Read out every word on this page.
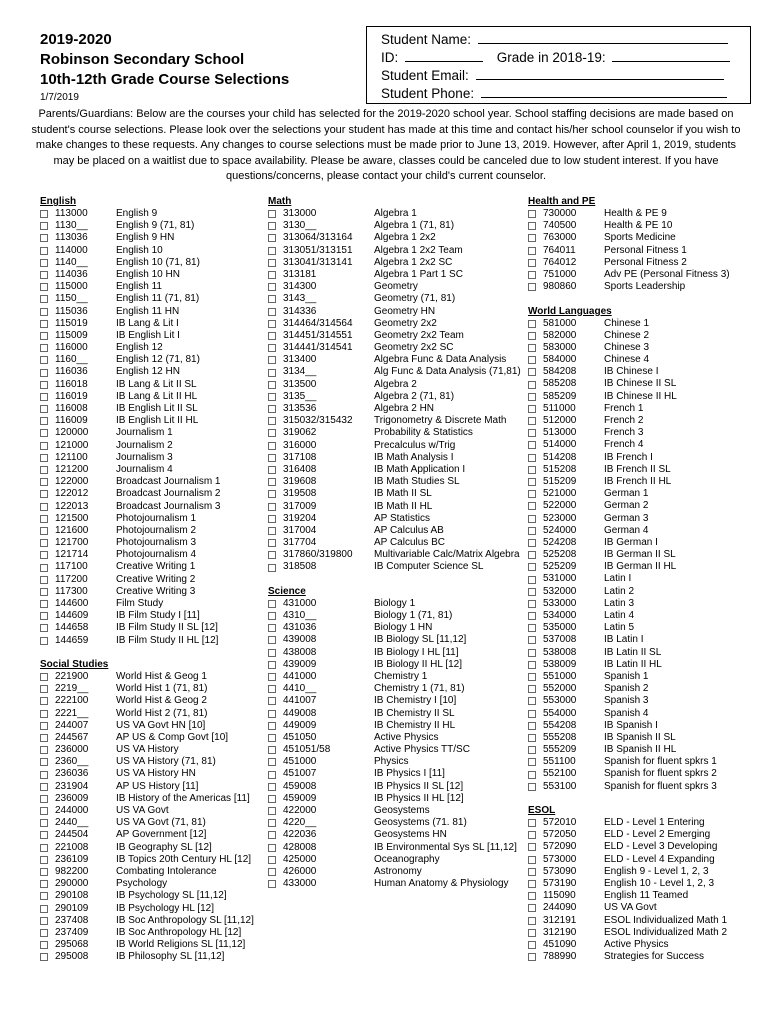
2019-2020
Robinson Secondary School
10th-12th Grade Course Selections
1/7/2019
Student Name:
ID:	Grade in 2018-19:
Student Email:
Student Phone:
Parents/Guardians: Below are the courses your child has selected for the 2019-2020 school year. School staffing decisions are made based on student's course selections. Please look over the selections your student has made at this time and contact his/her school counselor if you wish to make changes to these requests. Any changes to course selections must be made prior to June 13, 2019. However, after April 1, 2019, students may be placed on a waitlist due to space availability. Please be aware, classes could be canceled due to low student interest. If you have questions/concerns, please contact your child's current counselor.
English
113000	English 9
1130__	English 9 (71, 81)
113036	English 9 HN
114000	English 10
1140__	English 10 (71, 81)
114036	English 10 HN
115000	English 11
1150__	English 11 (71, 81)
115036	English 11 HN
115019	IB Lang & Lit I
115009	IB English Lit I
116000	English 12
1160__	English 12 (71, 81)
116036	English 12 HN
116018	IB Lang & Lit II SL
116019	IB Lang & Lit II HL
116008	IB English Lit II SL
116009	IB English Lit II HL
120000	Journalism 1
121000	Journalism 2
121100	Journalism 3
121200	Journalism 4
122000	Broadcast Journalism 1
122012	Broadcast Journalism 2
122013	Broadcast Journalism 3
121500	Photojournalism 1
121600	Photojournalism 2
121700	Photojournalism 3
121714	Photojournalism 4
117100	Creative Writing 1
117200	Creative Writing 2
117300	Creative Writing 3
144600	Film Study
144609	IB Film Study I [11]
144658	IB Film Study II SL [12]
144659	IB Film Study II HL [12]
Social Studies
221900	World Hist & Geog 1
2219__	World Hist 1 (71, 81)
222100	World Hist & Geog 2
2221__	World Hist 2 (71, 81)
244007	US VA Govt HN [10]
244567	AP US & Comp Govt [10]
236000	US VA History
2360__	US VA History (71, 81)
236036	US VA History HN
231904	AP US History [11]
236009	IB History of the Americas [11]
244000	US VA Govt
2440__	US VA Govt (71, 81)
244504	AP Government [12]
221008	IB Geography SL [12]
236109	IB Topics 20th Century HL [12]
982200	Combating Intolerance
290000	Psychology
290108	IB Psychology SL [11,12]
290109	IB Psychology HL [12]
237408	IB Soc Anthropology SL [11,12]
237409	IB Soc Anthropology HL [12]
295068	IB World Religions SL [11,12]
295008	IB Philosophy SL [11,12]
Math
313000	Algebra 1
3130__	Algebra 1 (71, 81)
313064/313164	Algebra 1 2x2
313051/313151	Algebra 1 2x2 Team
313041/313141	Algebra 1 2x2 SC
313181	Algebra 1 Part 1 SC
314300	Geometry
3143__	Geometry (71, 81)
314336	Geometry HN
314464/314564	Geometry 2x2
314451/314551	Geometry 2x2 Team
314441/314541	Geometry 2x2 SC
313400	Algebra Func & Data Analysis
3134__	Alg Func & Data Analysis (71,81)
313500	Algebra 2
3135__	Algebra 2 (71, 81)
313536	Algebra 2 HN
315032/315432	Trigonometry & Discrete Math
319062	Probability & Statistics
316000	Precalculus w/Trig
317108	IB Math Analysis I
316408	IB Math Application I
319608	IB Math Studies SL
319508	IB Math II SL
317009	IB Math II HL
319204	AP Statistics
317004	AP Calculus AB
317704	AP Calculus BC
317860/319800	Multivariable Calc/Matrix Algebra
318508	IB Computer Science SL
Science
431000	Biology 1
4310__	Biology 1 (71, 81)
431036	Biology 1 HN
439008	IB Biology SL [11,12]
438008	IB Biology I HL [11]
439009	IB Biology II HL [12]
441000	Chemistry 1
4410__	Chemistry 1 (71, 81)
441007	IB Chemistry I [10]
449008	IB Chemistry II SL
449009	IB Chemistry II HL
451050	Active Physics
451051/58	Active Physics TT/SC
451000	Physics
451007	IB Physics I [11]
459008	IB Physics II SL [12]
459009	IB Physics II HL [12]
422000	Geosystems
4220__	Geosystems (71. 81)
422036	Geosystems HN
428008	IB Environmental Sys SL [11,12]
425000	Oceanography
426000	Astronomy
433000	Human Anatomy & Physiology
Health and PE
730000	Health & PE 9
740500	Health & PE 10
763000	Sports Medicine
764011	Personal Fitness 1
764012	Personal Fitness 2
751000	Adv PE (Personal Fitness 3)
980860	Sports Leadership
World Languages
581000	Chinese 1
582000	Chinese 2
583000	Chinese 3
584000	Chinese 4
584208	IB Chinese I
585208	IB Chinese II SL
585209	IB Chinese II HL
511000	French 1
512000	French 2
513000	French 3
514000	French 4
514208	IB French I
515208	IB French II SL
515209	IB French II HL
521000	German 1
522000	German 2
523000	German 3
524000	German 4
524208	IB German I
525208	IB German II SL
525209	IB German II HL
531000	Latin I
532000	Latin 2
533000	Latin 3
534000	Latin 4
535000	Latin 5
537008	IB Latin I
538008	IB Latin II SL
538009	IB Latin II HL
551000	Spanish 1
552000	Spanish 2
553000	Spanish 3
554000	Spanish 4
554208	IB Spanish I
555208	IB Spanish II SL
555209	IB Spanish II HL
551100	Spanish for fluent spkrs 1
552100	Spanish for fluent spkrs 2
553100	Spanish for fluent spkrs 3
ESOL
572010	ELD - Level 1 Entering
572050	ELD - Level 2 Emerging
572090	ELD - Level 3 Developing
573000	ELD - Level 4 Expanding
573090	English 9 - Level 1, 2, 3
573190	English 10 - Level 1, 2, 3
115090	English 11 Teamed
244090	US VA Govt
312191	ESOL Individualized Math 1
312190	ESOL Individualized Math 2
451090	Active Physics
788990	Strategies for Success
